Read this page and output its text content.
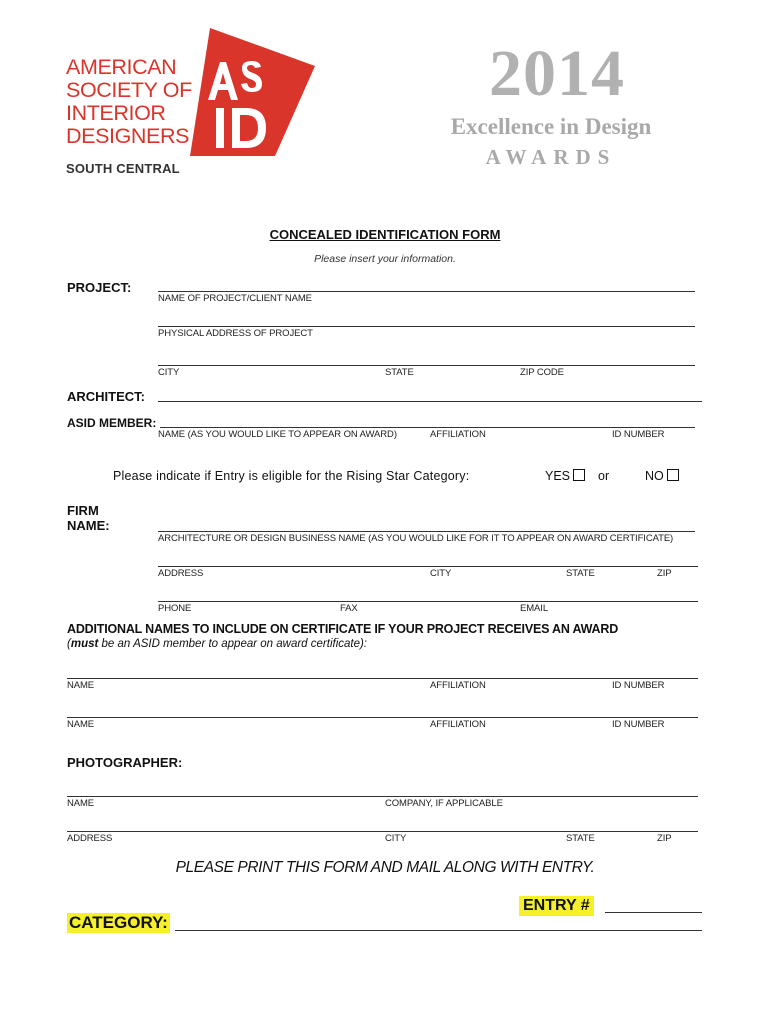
AMERICAN
SOCIETY OF
INTERIOR
DESIGNERS
SOUTH CENTRAL
2014
Excellence in Design
AWARDS
CONCEALED IDENTIFICATION FORM
Please insert your information.
PROJECT:
NAME OF PROJECT/CLIENT NAME
PHYSICAL ADDRESS OF PROJECT
CITY	STATE	ZIP CODE
ARCHITECT:
ASID MEMBER:
NAME (AS YOU WOULD LIKE TO APPEAR ON AWARD)	AFFILIATION	ID NUMBER
Please indicate if Entry is eligible for the Rising Star Category:	YES	or	NO
FIRM
NAME:
ARCHITECTURE OR DESIGN BUSINESS NAME (AS YOU WOULD LIKE FOR IT TO APPEAR ON AWARD CERTIFICATE)
ADDRESS	CITY	STATE	ZIP
PHONE	FAX	EMAIL
ADDITIONAL NAMES TO INCLUDE ON CERTIFICATE IF YOUR PROJECT RECEIVES AN AWARD
(must be an ASID member to appear on award certificate):
NAME	AFFILIATION	ID NUMBER
NAME	AFFILIATION	ID NUMBER
PHOTOGRAPHER:
NAME	COMPANY, IF APPLICABLE
ADDRESS	CITY	STATE	ZIP
PLEASE PRINT THIS FORM AND MAIL ALONG WITH ENTRY.
ENTRY #
CATEGORY:
